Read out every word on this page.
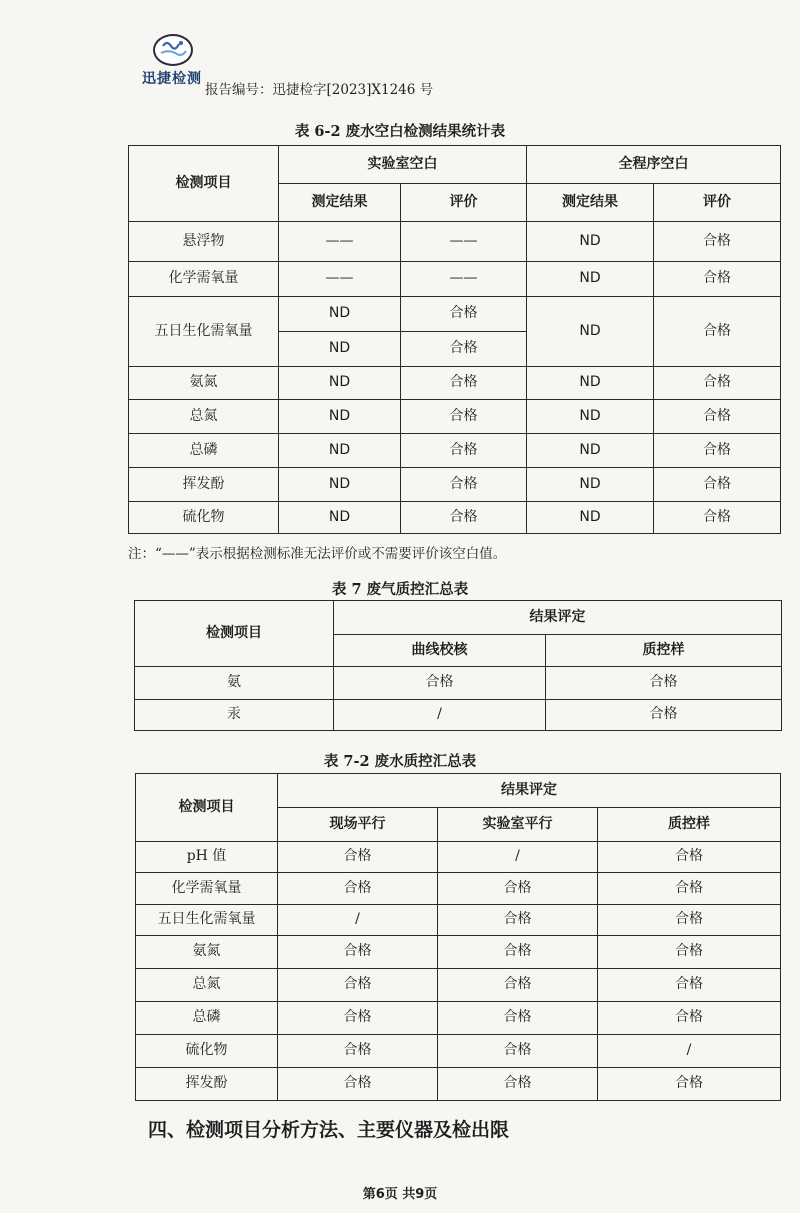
迅捷检测
报告编号：迅捷检字[2023]X1246 号
表 6-2 废水空白检测结果统计表
检测项目	实验室空白		全程序空白	
	测定结果	评价	测定结果	评价
悬浮物	——	——	ND	合格
化学需氧量	——	——	ND	合格
五日生化需氧量	ND	合格	ND	合格
	ND	合格		
氨氮	ND	合格	ND	合格
总氮	ND	合格	ND	合格
总磷	ND	合格	ND	合格
挥发酚	ND	合格	ND	合格
硫化物	ND	合格	ND	合格
注：“——”表示根据检测标准无法评价或不需要评价该空白值。
表 7 废气质控汇总表
检测项目	结果评定	
	曲线校核	质控样
氨	合格	合格
汞	/	合格
表 7-2 废水质控汇总表
检测项目	结果评定		
	现场平行	实验室平行	质控样
pH 值	合格	/	合格
化学需氧量	合格	合格	合格
五日生化需氧量	/	合格	合格
氨氮	合格	合格	合格
总氮	合格	合格	合格
总磷	合格	合格	合格
硫化物	合格	合格	/
挥发酚	合格	合格	合格
四、检测项目分析方法、主要仪器及检出限
第6页 共9页
